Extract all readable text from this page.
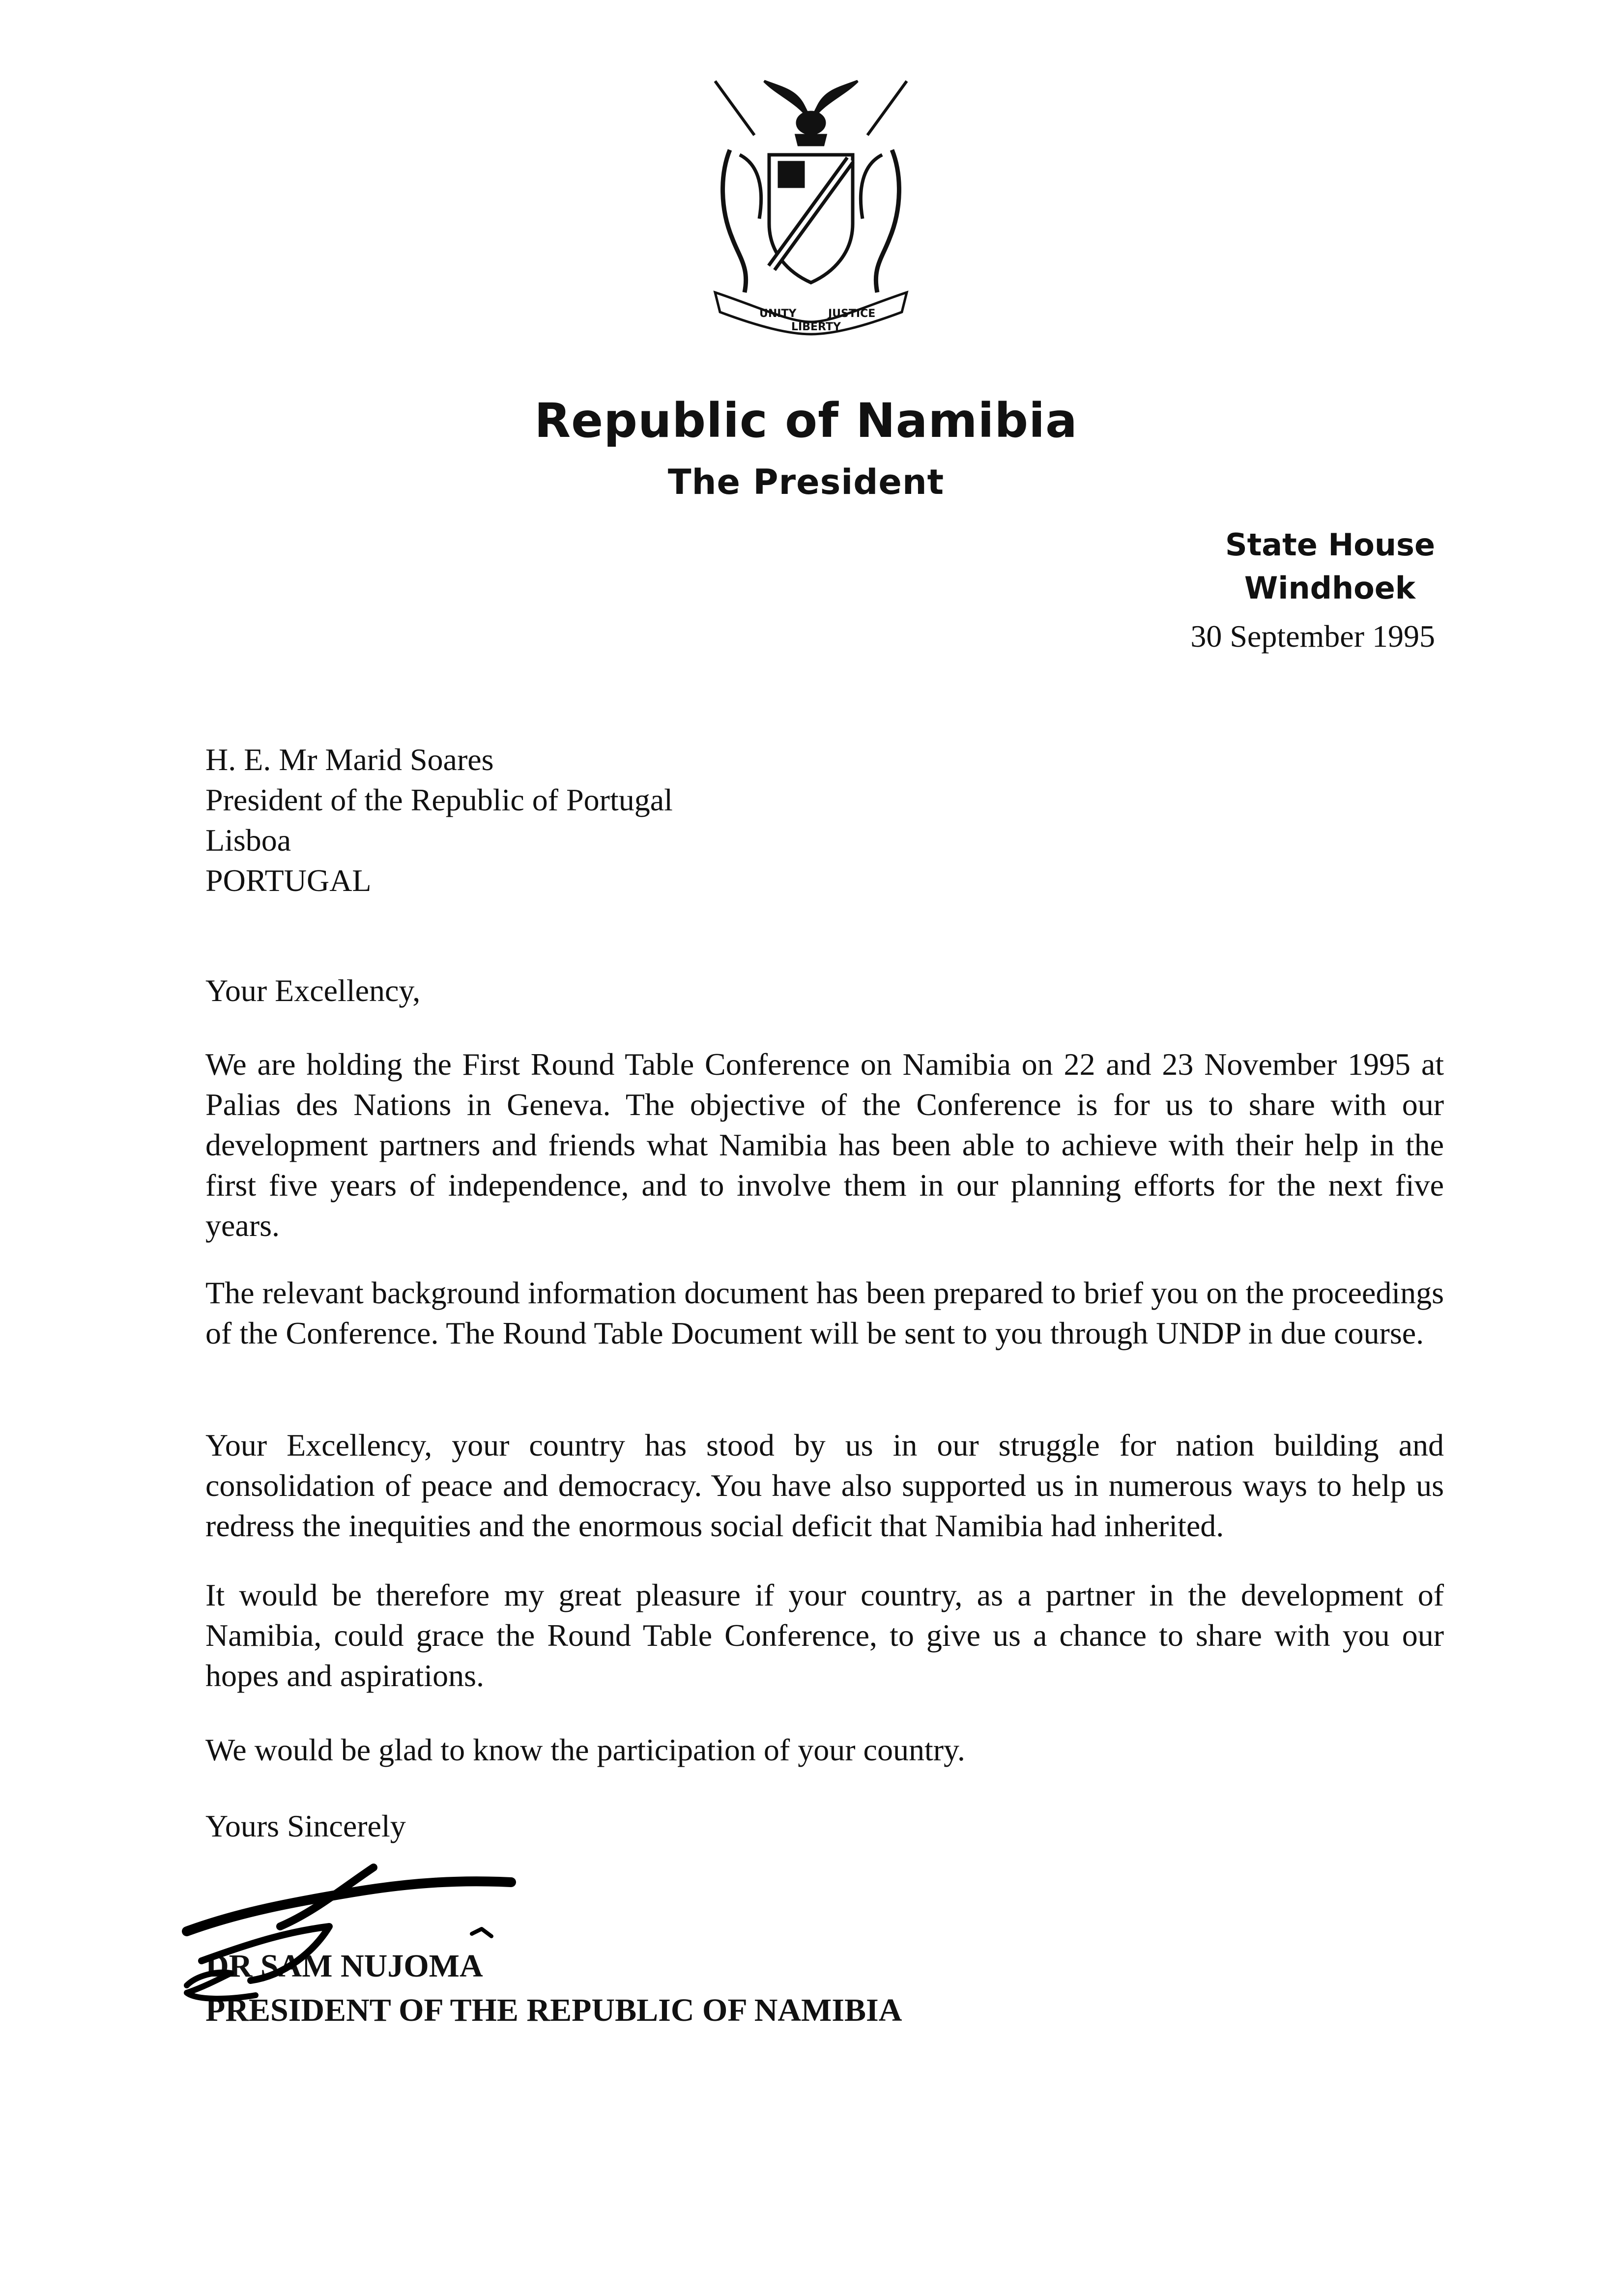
UNITY
LIBERTY
JUSTICE
Republic of Namibia
The President
State House
Windhoek
30 September 1995
H. E. Mr Marid Soares
President of the Republic of Portugal
Lisboa
PORTUGAL
Your Excellency,
We are holding the First Round Table Conference on Namibia on 22 and 23 November 1995 at Palias des Nations in Geneva. The objective of the Conference is for us to share with our development partners and friends what Namibia has been able to achieve with their help in the first five years of independence, and to involve them in our planning efforts for the next five years.
The relevant background information document has been prepared to brief you on the proceedings of the Conference. The Round Table Document will be sent to you through UNDP in due course.
Your Excellency, your country has stood by us in our struggle for nation building and consolidation of peace and democracy. You have also supported us in numerous ways to help us redress the inequities and the enormous social deficit that Namibia had inherited.
It would be therefore my great pleasure if your country, as a partner in the development of Namibia, could grace the Round Table Conference, to give us a chance to share with you our hopes and aspirations.
We would be glad to know the participation of your country.
Yours Sincerely
DR SAM NUJOMA
PRESIDENT OF THE REPUBLIC OF NAMIBIA
